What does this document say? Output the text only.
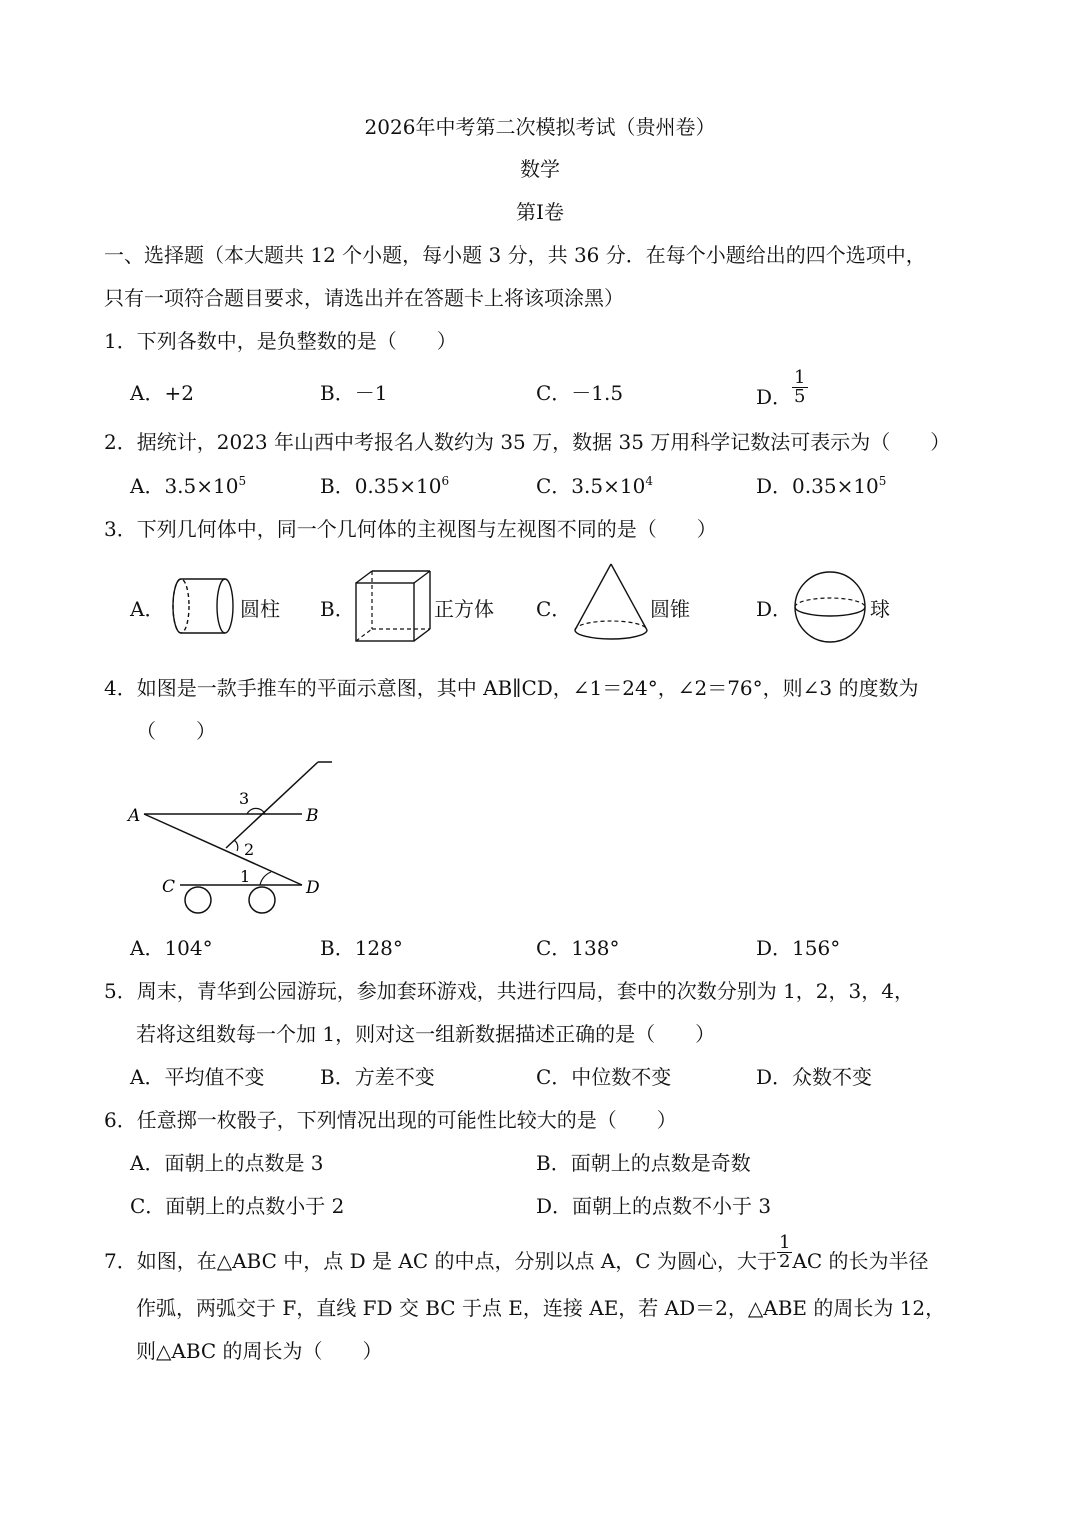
2026年中考第二次模拟考试（贵州卷）
数学
第Ⅰ卷
一、选择题（本大题共 12 个小题，每小题 3 分，共 36 分．在每个小题给出的四个选项中，
只有一项符合题目要求，请选出并在答题卡上将该项涂黑）
1．下列各数中，是负整数的是（　　）
A．+2	B．－1	C．－1.5	D． $\frac{1}{5}$
2．据统计，2023 年山西中考报名人数约为 35 万，数据 35 万用科学记数法可表示为（　　）
A．$3.5\times 10^5$	B．$0.35\times 10^6$	C．$3.5\times 10^4$	D．$0.35\times 10^5$
3．下列几何体中，同一个几何体的主视图与左视图不同的是（　　）
A．	圆柱 B．	正方体 C．	圆锥	D．	球
4．如图是一款手推车的平面示意图，其中 AB∥CD，∠1＝24°，∠2＝76°，则∠3 的度数为
（　　）
A	B
C	D
3
2
1
A．104°	B．128°	C．138°	D．156°
5．周末，青华到公园游玩，参加套环游戏，共进行四局，套中的次数分别为 1，2，3，4，
若将这组数每一个加 1，则对这一组新数据描述正确的是（　　）
A．平均值不变	B．方差不变	C．中位数不变	D．众数不变
6．任意掷一枚骰子，下列情况出现的可能性比较大的是（　　）
A．面朝上的点数是 3	B．面朝上的点数是奇数
C．面朝上的点数小于 2	D．面朝上的点数不小于 3
7．如图，在△ABC 中，点 D 是 AC 的中点，分别以点 A，C 为圆心，大于 $\frac{1}{2}$ AC 的长为半径
作弧，两弧交于 F，直线 FD 交 BC 于点 E，连接 AE，若 AD＝2，△ABE 的周长为 12，
则△ABC 的周长为（　　）
